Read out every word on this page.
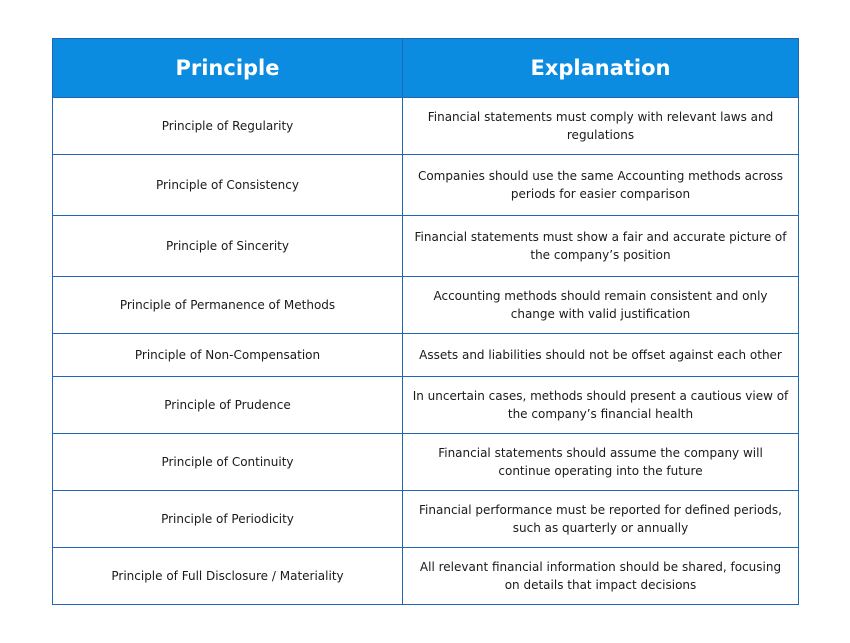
Principle	Explanation
Principle of Regularity	Financial statements must comply with relevant laws and regulations
Principle of Consistency	Companies should use the same Accounting methods across periods for easier comparison
Principle of Sincerity	Financial statements must show a fair and accurate picture of the company’s position
Principle of Permanence of Methods	Accounting methods should remain consistent and only change with valid justification
Principle of Non-Compensation	Assets and liabilities should not be offset against each other
Principle of Prudence	In uncertain cases, methods should present a cautious view of the company’s financial health
Principle of Continuity	Financial statements should assume the company will continue operating into the future
Principle of Periodicity	Financial performance must be reported for defined periods, such as quarterly or annually
Principle of Full Disclosure / Materiality	All relevant financial information should be shared, focusing on details that impact decisions
